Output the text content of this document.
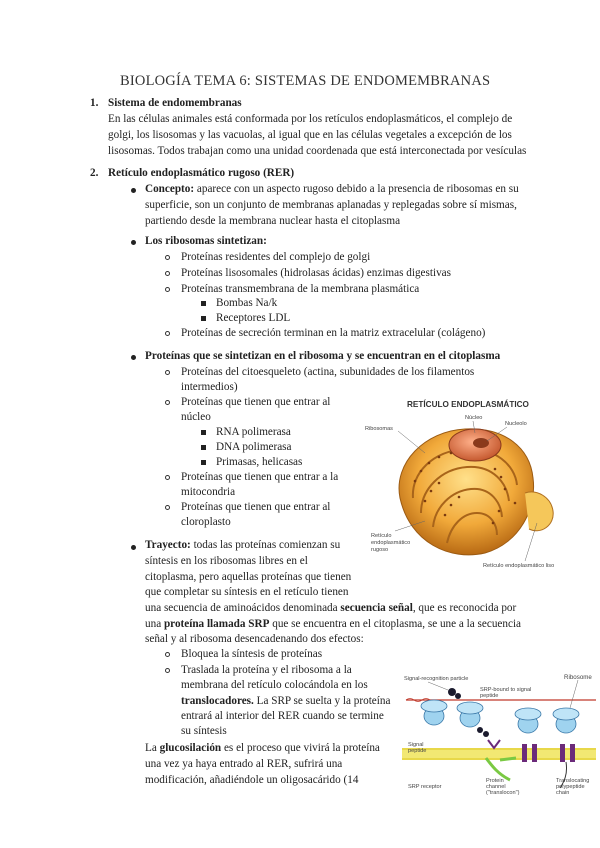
BIOLOGÍA TEMA 6: SISTEMAS DE ENDOMEMBRANAS
1. Sistema de endomembranas
En las células animales está conformada por los retículos endoplasmáticos, el complejo de
golgi, los lisosomas y las vacuolas, al igual que en las células vegetales a excepción de los
lisosomas. Todos trabajan como una unidad coordenada que está interconectada por vesículas
2. Retículo endoplasmático rugoso (RER)
Concepto: aparece con un aspecto rugoso debido a la presencia de ribosomas en su
superficie, son un conjunto de membranas aplanadas y replegadas sobre sí mismas,
partiendo desde la membrana nuclear hasta el citoplasma
Los ribosomas sintetizan:
Proteínas residentes del complejo de golgi
Proteínas lisosomales (hidrolasas ácidas) enzimas digestivas
Proteínas transmembrana de la membrana plasmática
Bombas Na/k
Receptores LDL
Proteínas de secreción terminan en la matriz extracelular (colágeno)
Proteínas que se sintetizan en el ribosoma y se encuentran en el citoplasma
Proteínas del citoesqueleto (actina, subunidades de los filamentos
intermedios)
Proteínas que tienen que entrar al
núcleo
RNA polimerasa
DNA polimerasa
Primasas, helicasas
Proteínas que tienen que entrar a la
mitocondria
Proteínas que tienen que entrar al
cloroplasto
Trayecto: todas las proteínas comienzan su
síntesis en los ribosomas libres en el
citoplasma, pero aquellas proteínas que tienen
que completar su síntesis en el retículo tienen
una secuencia de aminoácidos denominada secuencia señal, que es reconocida por
una proteína llamada SRP que se encuentra en el citoplasma, se une a la secuencia
señal y al ribosoma desencadenando dos efectos:
Bloquea la síntesis de proteínas
Traslada la proteína y el ribosoma a la
membrana del retículo colocándola en los
translocadores. La SRP se suelta y la proteína
entrará al interior del RER cuando se termine
su síntesis
La glucosilación es el proceso que vivirá la proteína
una vez ya haya entrado al RER, sufrirá una
modificación, añadiéndole un oligosacárido (14
RETÍCULO ENDOPLASMÁTICO
Núcleo
Ribosomas
Nucleolo
Retículo
endoplasmático
rugoso
Retículo endoplasmático liso
Signal-recognition particle
SRP-bound to signal
peptide
Ribosome
Signal
peptide
SRP receptor
Protein
channel
("translocon")
Translocating
polypeptide
chain
